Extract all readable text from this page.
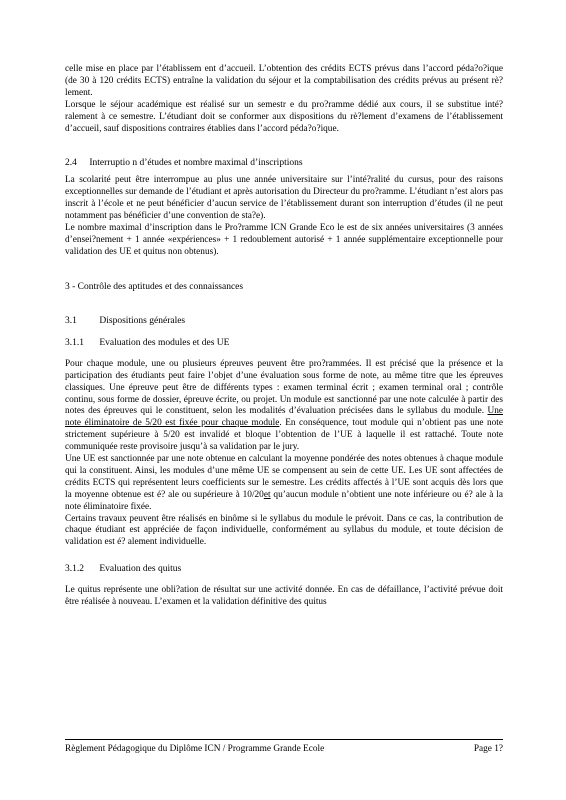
celle mise en place par l’établissem ent d’accueil. L’obtention des crédits ECTS prévus dans l’accord péda?o?ique (de 30 à 120 crédits ECTS) entraîne la validation du séjour et la comptabilisation des crédits prévus au présent rè?lement.

Lorsque le séjour académique est réalisé sur un semestr e du pro?ramme dédié aux cours, il se substitue inté?ralement à ce semestre. L’étudiant doit se conformer aux dispositions du rè?lement d’examens de l’établissement d’accueil, sauf dispositions contraires établies dans l’accord péda?o?ique.

2.4 Interruptio n d’études et nombre maximal d’inscriptions

La scolarité peut être interrompue au plus une année universitaire sur l’inté?ralité du cursus, pour des raisons exceptionnelles sur demande de l’étudiant et après autorisation du Directeur du pro?ramme. L’étudiant n’est alors pas inscrit à l’école et ne peut bénéficier d’aucun service de l’établissement durant son interruption d’études (il ne peut notamment pas bénéficier d’une convention de sta?e).

Le nombre maximal d’inscription dans le Pro?ramme ICN Grande Eco le est de six années universitaires (3 années d’ensei?nement + 1 année «expériences» + 1 redoublement autorisé + 1 année supplémentaire exceptionnelle pour validation des UE et quitus non obtenus).

3 - Contrôle des aptitudes et des connaissances

3.1 Dispositions générales

3.1.1 Evaluation des modules et des UE

Pour chaque module, une ou plusieurs épreuves peuvent être pro?rammées. Il est précisé que la présence et la participation des étudiants peut faire l’objet d’une évaluation sous forme de note, au même titre que les épreuves classiques. Une épreuve peut être de différents types : examen terminal écrit ; examen terminal oral ; contrôle continu, sous forme de dossier, épreuve écrite, ou projet. Un module est sanctionné par une note calculée à partir des notes des épreuves qui le constituent, selon les modalités d’évaluation précisées dans le syllabus du module. Une note éliminatoire de 5/20 est fixée pour chaque module. En conséquence, tout module qui n’obtient pas une note strictement supérieure à 5/20 est invalidé et bloque l’obtention de l’UE à laquelle il est rattaché. Toute note communiquée reste provisoire jusqu’à sa validation par le jury.

Une UE est sanctionnée par une note obtenue en calculant la moyenne pondérée des notes obtenues à chaque module qui la constituent. Ainsi, les modules d’une même UE se compensent au sein de cette UE. Les UE sont affectées de crédits ECTS qui représentent leurs coefficients sur le semestre. Les crédits affectés à l’UE sont acquis dès lors que la moyenne obtenue est é? ale ou supérieure à 10/20et qu’aucun module n’obtient une note inférieure ou é? ale à la note éliminatoire fixée.

Certains travaux peuvent être réalisés en binôme si le syllabus du module le prévoit. Dans ce cas, la contribution de chaque étudiant est appréciée de façon individuelle, conformément au syllabus du module, et toute décision de validation est é? alement individuelle.

3.1.2 Evaluation des quitus

Le quitus représente une obli?ation de résultat sur une activité donnée. En cas de défaillance, l’activité prévue doit être réalisée à nouveau. L’examen et la validation définitive des quitus

Règlement Pédagogique du Diplôme ICN / Programme Grande Ecole	Page 1?
